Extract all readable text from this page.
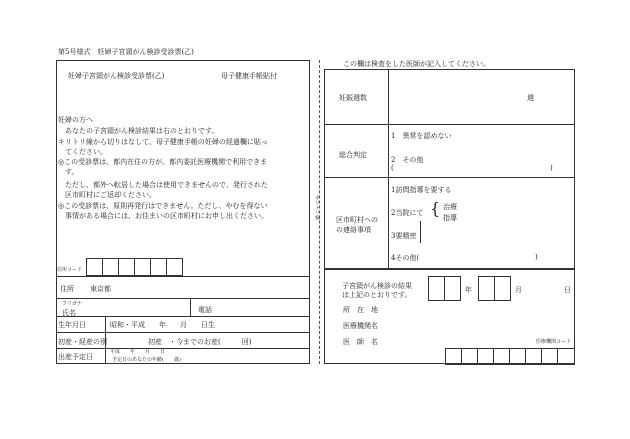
第5号様式　妊婦子宮頸がん検診受診票(乙)
妊婦子宮頸がん検診受診票(乙)	母子健康手帳貼付
妊婦の方へ
　あなたの子宮頸がん検診結果は右のとおりです。
キリトリ線から切りはなして、母子健康手帳の妊婦の経過欄に貼っ
　てください。
◎この受診票は、都内在住の方が、都内委託医療機関で利用できま
　す。
　ただし、都外へ転居した場合は使用できませんので、発行された
　区市町村にご返却ください。
◎この受診票は、原則再発行はできません。ただし、やむを得ない
　事情がある場合には、お住まいの区市町村にお申し出ください。
住所コード
住所 東京都
フリガナ
氏名	電話
生年月日	昭和・平成　　年　　月　　日生
初産・経産の別	初産　・今までのお産(　　　回)
出産予定日
平成　　年　　月　　日
予定日のあなたの年齢(　　歳)
キリトリ線
この欄は検査をした医師が記入してください。
妊娠週数	週
総合判定
1　異常を認めない
2　その他
(	)
区市町村への
の連絡事項
1訪問指導を要する
2当院にて { 治療
指導
3要精密
4その他(	)
子宮頸がん検診の結果
は上記のとおりです。
年	月	日
所　在　地
医療機関名
医　師　名	医療機関コード
